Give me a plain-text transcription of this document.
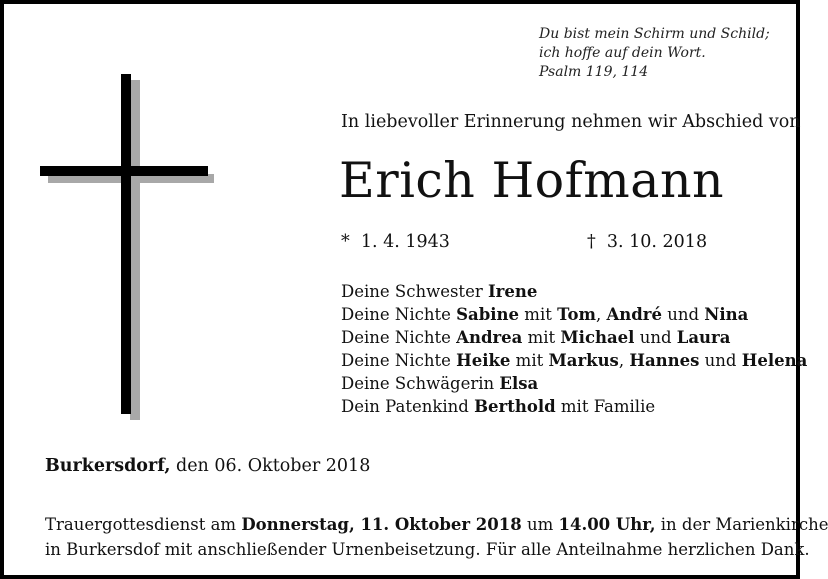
Du bist mein Schirm und Schild;
ich hoffe auf dein Wort.
Psalm 119, 114
In liebevoller Erinnerung nehmen wir Abschied von
Erich Hofmann
* 1. 4. 1943	† 3. 10. 2018
Deine Schwester Irene
Deine Nichte Sabine mit Tom, André und Nina
Deine Nichte Andrea mit Michael und Laura
Deine Nichte Heike mit Markus, Hannes und Helena
Deine Schwägerin Elsa
Dein Patenkind Berthold mit Familie
Burkersdorf, den 06. Oktober 2018
Trauergottesdienst am Donnerstag, 11. Oktober 2018 um 14.00 Uhr, in der Marienkirche
in Burkersdof mit anschließender Urnenbeisetzung. Für alle Anteilnahme herzlichen Dank.
